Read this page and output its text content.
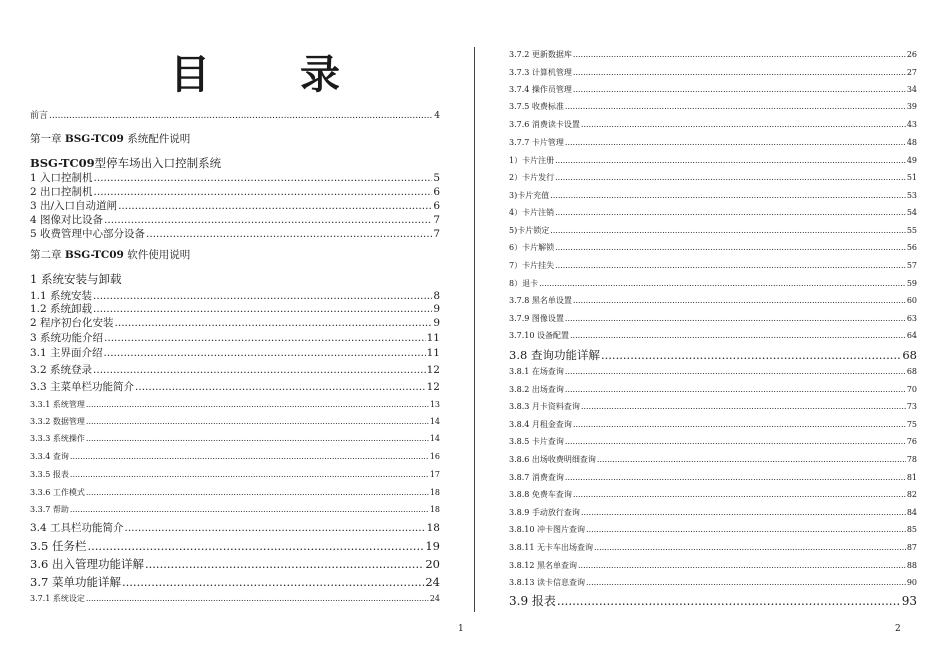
目 录
前言 .....	4
第一章 BSG-TC09 系统配件说明
BSG-TC09型停车场出入口控制系统
1 入口控制机 .....	5
2 出口控制机 .....	6
3 出/入口自动道闸 .....	6
4 图像对比设备 .....	7
5 收费管理中心部分设备 .....	7
第二章 BSG-TC09 软件使用说明
1 系统安装与卸载
1.1 系统安装 .....	8
1.2 系统卸载 .....	9
2 程序初台化安装 .....	9
3 系统功能介绍 .....	11
3.1 主界面介绍 .....	11
3.2 系统登录 .....	12
3.3 主菜单栏功能简介 .....	12
3.3.1 系统管理 .....	13
3.3.2 数据管理 .....	14
3.3.3 系统操作 .....	14
3.3.4 查询 .....	16
3.3.5 报表 .....	17
3.3.6 工作模式 .....	18
3.3.7 帮助 .....	18
3.4 工具栏功能简介 .....	18
3.5 任务栏 .....	19
3.6 出入管理功能详解 .....	20
3.7 菜单功能详解 .....	24
3.7.1 系统设定 .....	24
1
3.7.2 更新数据库 .....	26
3.7.3 计算机管理 .....	27
3.7.4 操作员管理 .....	34
3.7.5 收费标准 .....	39
3.7.6 消费读卡设置 .....	43
3.7.7 卡片管理 .....	48
1）卡片注册 .....	49
2）卡片发行 .....	51
3)卡片充值 .....	53
4）卡片注销 .....	54
5)卡片锁定 .....	55
6）卡片解锁 .....	56
7）卡片挂失 .....	57
8）退卡 .....	59
3.7.8 黑名单设置 .....	60
3.7.9 图像设置 .....	63
3.7.10 设备配置 .....	64
3.8 查询功能详解 .....	68
3.8.1 在场查询 .....	68
3.8.2 出场查询 .....	70
3.8.3 月卡资料查询 .....	73
3.8.4 月租金查询 .....	75
3.8.5 卡片查询 .....	76
3.8.6 出场收费明细查询 .....	78
3.8.7 消费查询 .....	81
3.8.8 免费车查询 .....	82
3.8.9 手动放行查询 .....	84
3.8.10 冲卡图片查询 .....	85
3.8.11 无卡车出场查询 .....	87
3.8.12 黑名单查询 .....	88
3.8.13 读卡信息查询 .....	90
3.9 报表 .....	93
2
